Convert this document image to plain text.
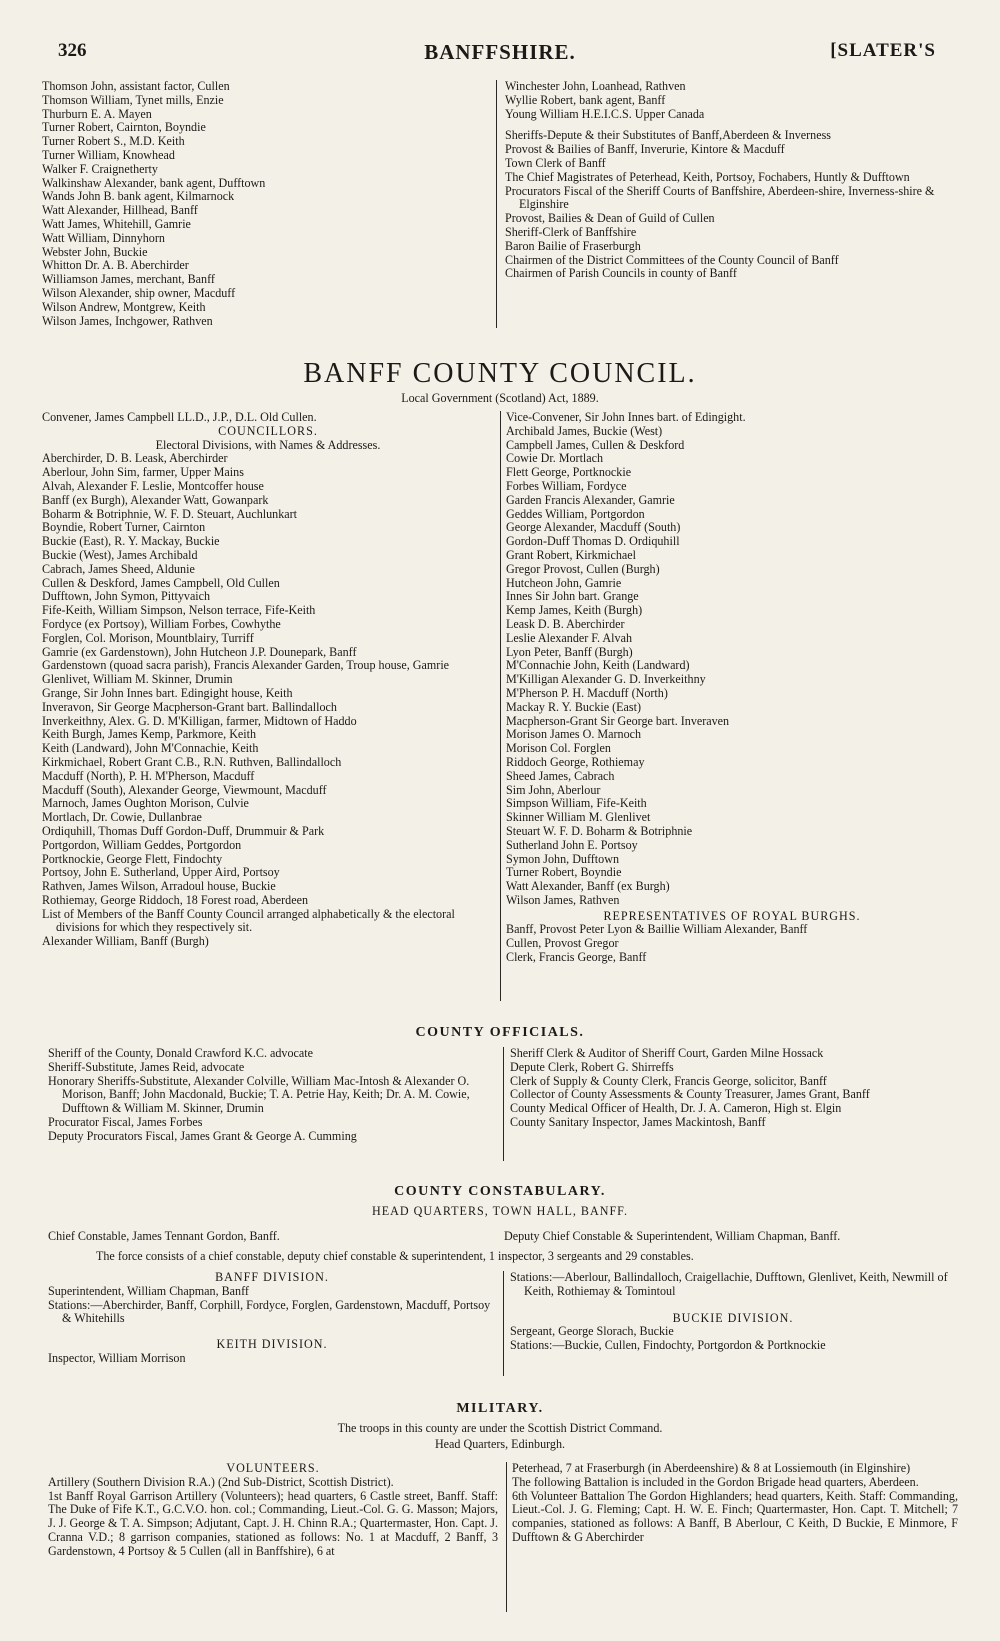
326	BANFFSHIRE.	[SLATER'S
Thomson John, assistant factor, Cullen
Thomson William, Tynet mills, Enzie
Thurburn E. A. Mayen
Turner Robert, Cairnton, Boyndie
Turner Robert S., M.D. Keith
Turner William, Knowhead
Walker F. Craignetherty
Walkinshaw Alexander, bank agent, Dufftown
Wands John B. bank agent, Kilmarnock
Watt Alexander, Hillhead, Banff
Watt James, Whitehill, Gamrie
Watt William, Dinnyhorn
Webster John, Buckie
Whitton Dr. A. B. Aberchirder
Williamson James, merchant, Banff
Wilson Alexander, ship owner, Macduff
Wilson Andrew, Montgrew, Keith
Wilson James, Inchgower, Rathven
Winchester John, Loanhead, Rathven
Wyllie Robert, bank agent, Banff
Young William H.E.I.C.S. Upper Canada
Sheriffs-Depute & their Substitutes of Banff,Aberdeen & Inverness
Provost & Bailies of Banff, Inverurie, Kintore & Macduff
Town Clerk of Banff
The Chief Magistrates of Peterhead, Keith, Portsoy, Fochabers, Huntly & Dufftown
Procurators Fiscal of the Sheriff Courts of Banffshire, Aberdeen-shire, Inverness-shire & Elginshire
Provost, Bailies & Dean of Guild of Cullen
Sheriff-Clerk of Banffshire
Baron Bailie of Fraserburgh
Chairmen of the District Committees of the County Council of Banff
Chairmen of Parish Councils in county of Banff
BANFF COUNTY COUNCIL.
Local Government (Scotland) Act, 1889.
Convener, James Campbell LL.D., J.P., D.L. Old Cullen.
COUNCILLORS.
Electoral Divisions, with Names & Addresses.
Aberchirder, D. B. Leask, Aberchirder
Aberlour, John Sim, farmer, Upper Mains
Alvah, Alexander F. Leslie, Montcoffer house
Banff (ex Burgh), Alexander Watt, Gowanpark
Boharm & Botriphnie, W. F. D. Steuart, Auchlunkart
Boyndie, Robert Turner, Cairnton
Buckie (East), R. Y. Mackay, Buckie
Buckie (West), James Archibald
Cabrach, James Sheed, Aldunie
Cullen & Deskford, James Campbell, Old Cullen
Dufftown, John Symon, Pittyvaich
Fife-Keith, William Simpson, Nelson terrace, Fife-Keith
Fordyce (ex Portsoy), William Forbes, Cowhythe
Forglen, Col. Morison, Mountblairy, Turriff
Gamrie (ex Gardenstown), John Hutcheon J.P. Dounepark, Banff
Gardenstown (quoad sacra parish), Francis Alexander Garden, Troup house, Gamrie
Glenlivet, William M. Skinner, Drumin
Grange, Sir John Innes bart. Edingight house, Keith
Inveravon, Sir George Macpherson-Grant bart. Ballindalloch
Inverkeithny, Alex. G. D. M'Killigan, farmer, Midtown of Haddo
Keith Burgh, James Kemp, Parkmore, Keith
Keith (Landward), John M'Connachie, Keith
Kirkmichael, Robert Grant C.B., R.N. Ruthven, Ballindalloch
Macduff (North), P. H. M'Pherson, Macduff
Macduff (South), Alexander George, Viewmount, Macduff
Marnoch, James Oughton Morison, Culvie
Mortlach, Dr. Cowie, Dullanbrae
Ordiquhill, Thomas Duff Gordon-Duff, Drummuir & Park
Portgordon, William Geddes, Portgordon
Portknockie, George Flett, Findochty
Portsoy, John E. Sutherland, Upper Aird, Portsoy
Rathven, James Wilson, Arradoul house, Buckie
Rothiemay, George Riddoch, 18 Forest road, Aberdeen
List of Members of the Banff County Council arranged alphabetically & the electoral divisions for which they respectively sit.
Alexander William, Banff (Burgh)
Vice-Convener, Sir John Innes bart. of Edingight.
Archibald James, Buckie (West)
Campbell James, Cullen & Deskford
Cowie Dr. Mortlach
Flett George, Portknockie
Forbes William, Fordyce
Garden Francis Alexander, Gamrie
Geddes William, Portgordon
George Alexander, Macduff (South)
Gordon-Duff Thomas D. Ordiquhill
Grant Robert, Kirkmichael
Gregor Provost, Cullen (Burgh)
Hutcheon John, Gamrie
Innes Sir John bart. Grange
Kemp James, Keith (Burgh)
Leask D. B. Aberchirder
Leslie Alexander F. Alvah
Lyon Peter, Banff (Burgh)
M'Connachie John, Keith (Landward)
M'Killigan Alexander G. D. Inverkeithny
M'Pherson P. H. Macduff (North)
Mackay R. Y. Buckie (East)
Macpherson-Grant Sir George bart. Inveraven
Morison James O. Marnoch
Morison Col. Forglen
Riddoch George, Rothiemay
Sheed James, Cabrach
Sim John, Aberlour
Simpson William, Fife-Keith
Skinner William M. Glenlivet
Steuart W. F. D. Boharm & Botriphnie
Sutherland John E. Portsoy
Symon John, Dufftown
Turner Robert, Boyndie
Watt Alexander, Banff (ex Burgh)
Wilson James, Rathven
REPRESENTATIVES OF ROYAL BURGHS.
Banff, Provost Peter Lyon & Baillie William Alexander, Banff
Cullen, Provost Gregor
Clerk, Francis George, Banff
COUNTY OFFICIALS.
Sheriff of the County, Donald Crawford K.C. advocate
Sheriff-Substitute, James Reid, advocate
Honorary Sheriffs-Substitute, Alexander Colville, William Mac-Intosh & Alexander O. Morison, Banff; John Macdonald, Buckie; T. A. Petrie Hay, Keith; Dr. A. M. Cowie, Dufftown & William M. Skinner, Drumin
Procurator Fiscal, James Forbes
Deputy Procurators Fiscal, James Grant & George A. Cumming
Sheriff Clerk & Auditor of Sheriff Court, Garden Milne Hossack
Depute Clerk, Robert G. Shirreffs
Clerk of Supply & County Clerk, Francis George, solicitor, Banff
Collector of County Assessments & County Treasurer, James Grant, Banff
County Medical Officer of Health, Dr. J. A. Cameron, High st. Elgin
County Sanitary Inspector, James Mackintosh, Banff
COUNTY CONSTABULARY.
HEAD QUARTERS, TOWN HALL, BANFF.
Chief Constable, James Tennant Gordon, Banff.	Deputy Chief Constable & Superintendent, William Chapman, Banff.
The force consists of a chief constable, deputy chief constable & superintendent, 1 inspector, 3 sergeants and 29 constables.
BANFF DIVISION.
Superintendent, William Chapman, Banff
Stations:—Aberchirder, Banff, Corphill, Fordyce, Forglen, Gardenstown, Macduff, Portsoy & Whitehills
KEITH DIVISION.
Inspector, William Morrison
Stations:—Aberlour, Ballindalloch, Craigellachie, Dufftown, Glenlivet, Keith, Newmill of Keith, Rothiemay & Tomintoul
BUCKIE DIVISION.
Sergeant, George Slorach, Buckie
Stations:—Buckie, Cullen, Findochty, Portgordon & Portknockie
MILITARY.
The troops in this county are under the Scottish District Command.
Head Quarters, Edinburgh.
VOLUNTEERS.
Artillery (Southern Division R.A.) (2nd Sub-District, Scottish District).
1st Banff Royal Garrison Artillery (Volunteers); head quarters, 6 Castle street, Banff. Staff: The Duke of Fife K.T., G.C.V.O. hon. col.; Commanding, Lieut.-Col. G. G. Masson; Majors, J. J. George & T. A. Simpson; Adjutant, Capt. J. H. Chinn R.A.; Quartermaster, Hon. Capt. J. Cranna V.D.; 8 garrison companies, stationed as follows: No. 1 at Macduff, 2 Banff, 3 Gardenstown, 4 Portsoy & 5 Cullen (all in Banffshire), 6 at
Peterhead, 7 at Fraserburgh (in Aberdeenshire) & 8 at Lossiemouth (in Elginshire)
The following Battalion is included in the Gordon Brigade head quarters, Aberdeen.
6th Volunteer Battalion The Gordon Highlanders; head quarters, Keith. Staff: Commanding, Lieut.-Col. J. G. Fleming; Capt. H. W. E. Finch; Quartermaster, Hon. Capt. T. Mitchell; 7 companies, stationed as follows: A Banff, B Aberlour, C Keith, D Buckie, E Minmore, F Dufftown & G Aberchirder
